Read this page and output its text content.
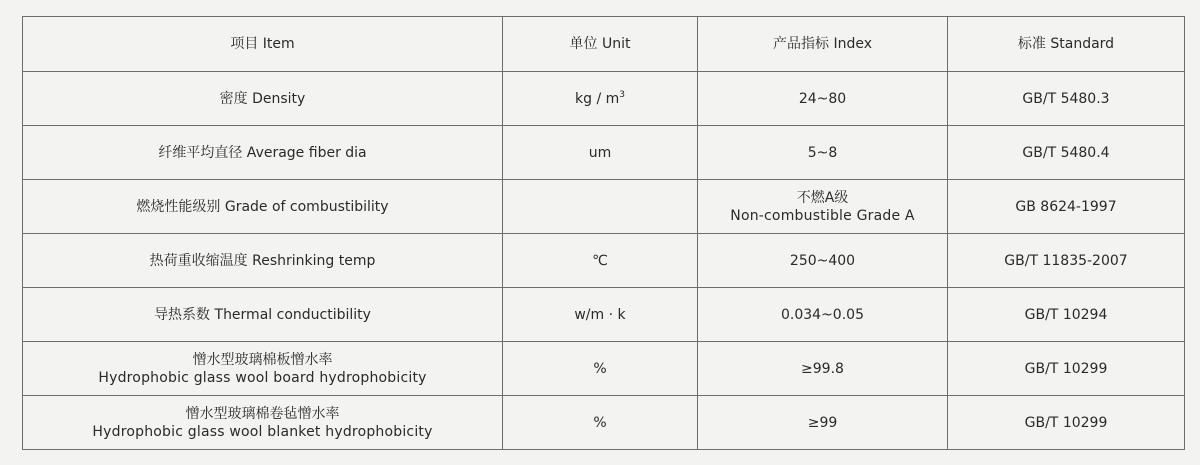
项目 Item	单位 Unit	产品指标 Index	标准 Standard

密度 Density	kg / $m^3$	24~80	GB/T 5480.3

纤维平均直径 Average fiber dia	um	5~8	GB/T 5480.4

燃烧性能级别 Grade of combustibility		不燃A级
Non-combustible Grade A	GB 8624-1997

热荷重收缩温度 Reshrinking temp	℃	250~400	GB/T 11835-2007

导热系数 Thermal conductibility	w/m · k	0.034~0.05	GB/T 10294

憎水型玻璃棉板憎水率
Hydrophobic glass wool board hydrophobicity	%	≥99.8	GB/T 10299

憎水型玻璃棉卷毡憎水率
Hydrophobic glass wool blanket hydrophobicity	%	≥99	GB/T 10299
